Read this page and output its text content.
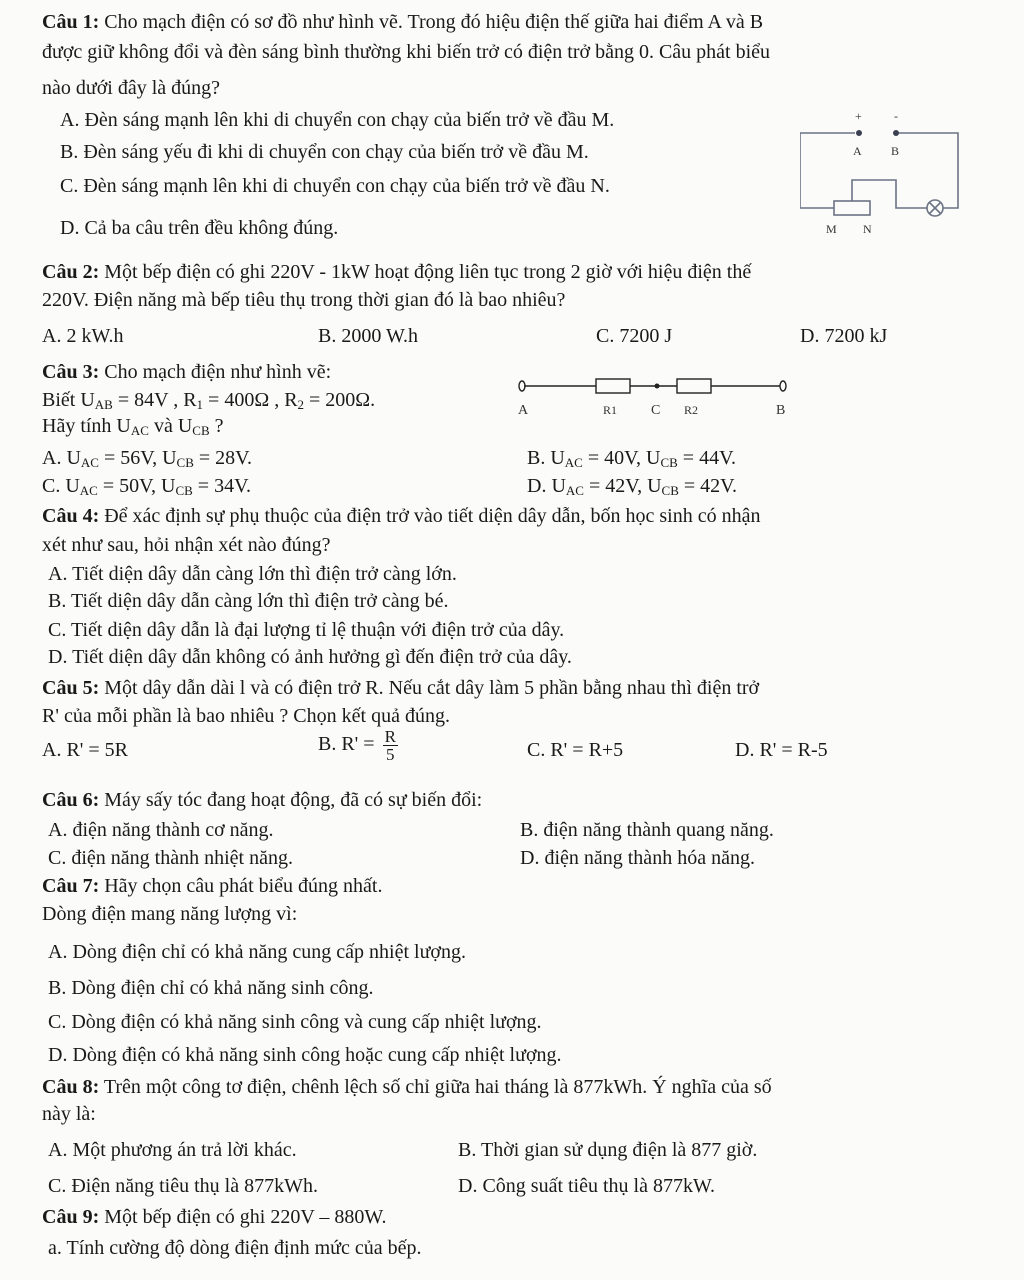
+	-
A B
M N
A	R1 C R2	B
Câu 1: Cho mạch điện có sơ đồ như hình vẽ. Trong đó hiệu điện thế giữa hai điểm A và B
được giữ không đổi và đèn sáng bình thường khi biến trở có điện trở bằng 0. Câu phát biểu
nào dưới đây là đúng?
A. Đèn sáng mạnh lên khi di chuyển con chạy của biến trở về đầu M.
B. Đèn sáng yếu đi khi di chuyển con chạy của biến trở về đầu M.
C. Đèn sáng mạnh lên khi di chuyển con chạy của biến trở về đầu N.
D. Cả ba câu trên đều không đúng.
Câu 2: Một bếp điện có ghi 220V - 1kW hoạt động liên tục trong 2 giờ với hiệu điện thế
220V. Điện năng mà bếp tiêu thụ trong thời gian đó là bao nhiêu?
A. 2 kW.h	B. 2000 W.h	C. 7200 J	D. 7200 kJ
Câu 3: Cho mạch điện như hình vẽ:
Biết $U_{AB} = 84V$ , $R_1 = 400\Omega$ , $R_2 = 200\Omega$.
Hãy tính $U_{AC}$ và $U_{CB}$ ?
A. $U_{AC} = 56V$, $U_{CB} = 28V$.	B. $U_{AC} = 40V$, $U_{CB} = 44V$.
C. $U_{AC} = 50V$, $U_{CB} = 34V$.	D. $U_{AC} = 42V$, $U_{CB} = 42V$.
Câu 4: Để xác định sự phụ thuộc của điện trở vào tiết diện dây dẫn, bốn học sinh có nhận
xét như sau, hỏi nhận xét nào đúng?
A. Tiết diện dây dẫn càng lớn thì điện trở càng lớn.
B. Tiết diện dây dẫn càng lớn thì điện trở càng bé.
C. Tiết diện dây dẫn là đại lượng tỉ lệ thuận với điện trở của dây.
D. Tiết diện dây dẫn không có ảnh hưởng gì đến điện trở của dây.
Câu 5: Một dây dẫn dài l và có điện trở R. Nếu cắt dây làm 5 phần bằng nhau thì điện trở
R' của mỗi phần là bao nhiêu ? Chọn kết quả đúng.
A. R' = 5R	B. $R' = \frac{R}{5}$	C. R' = R+5	D. R' = R-5
Câu 6: Máy sấy tóc đang hoạt động, đã có sự biến đổi:
A. điện năng thành cơ năng.	B. điện năng thành quang năng.
C. điện năng thành nhiệt năng.	D. điện năng thành hóa năng.
Câu 7: Hãy chọn câu phát biểu đúng nhất.
Dòng điện mang năng lượng vì:
A. Dòng điện chỉ có khả năng cung cấp nhiệt lượng.
B. Dòng điện chỉ có khả năng sinh công.
C. Dòng điện có khả năng sinh công và cung cấp nhiệt lượng.
D. Dòng điện có khả năng sinh công hoặc cung cấp nhiệt lượng.
Câu 8: Trên một công tơ điện, chênh lệch số chỉ giữa hai tháng là 877kWh. Ý nghĩa của số
này là:
A. Một phương án trả lời khác.	B. Thời gian sử dụng điện là 877 giờ.
C. Điện năng tiêu thụ là 877kWh.	D. Công suất tiêu thụ là 877kW.
Câu 9: Một bếp điện có ghi 220V – 880W.
a. Tính cường độ dòng điện định mức của bếp.
